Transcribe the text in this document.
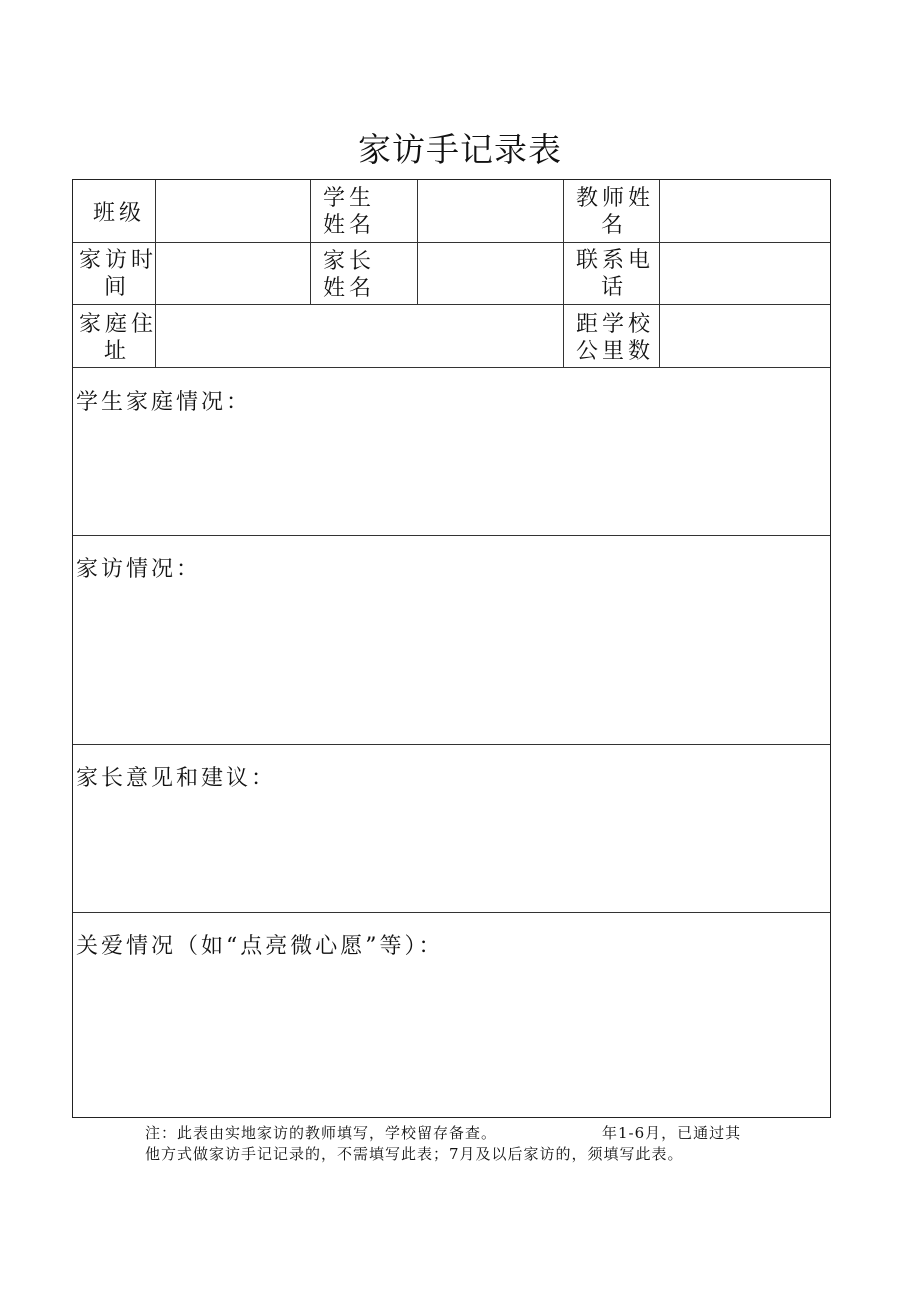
家访手记录表
班级
学生
姓名
教师姓
名
家访时
间
家长
姓名
联系电
话
家庭住
址
距学校
公里数
学生家庭情况：
家访情况：
家长意见和建议：
关爱情况（如“点亮微心愿”等）：
注：此表由实地家访的教师填写，学校留存备查。	年1-6月，已通过其
他方式做家访手记记录的，不需填写此表；7月及以后家访的，须填写此表。
